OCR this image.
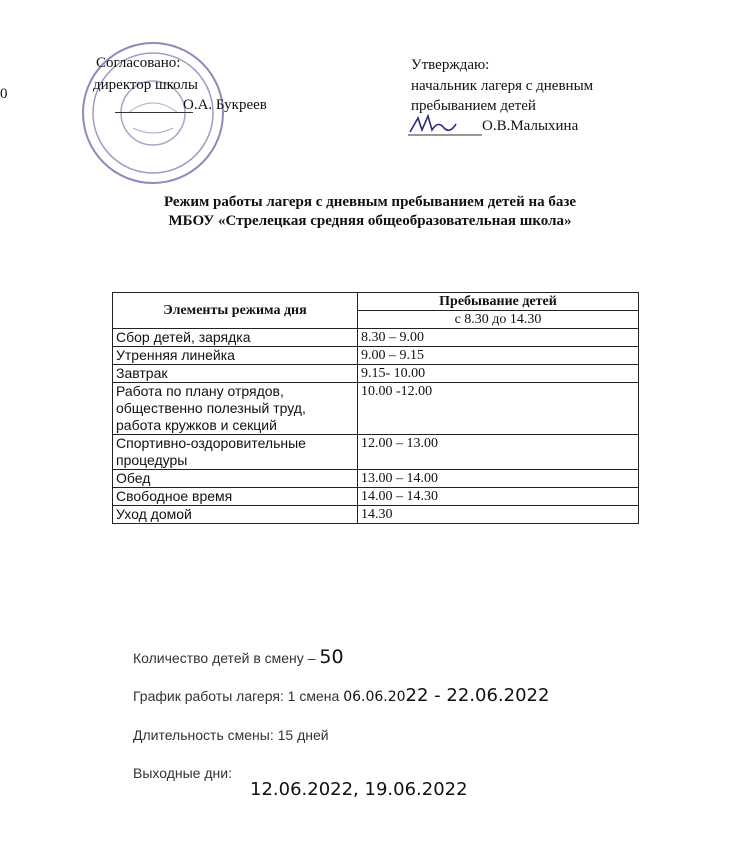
0
Согласовано:
директор школы
О.А. Букреев
Утверждаю:
начальник лагеря с дневным
пребыванием детей
О.В.Малыхина
Режим работы лагеря с дневным пребыванием детей на базе
МБОУ «Стрелецкая средняя общеобразовательная школа»
Элементы режима дня	Пребывание детей
	с 8.30 до 14.30
Сбор детей, зарядка	8.30 – 9.00
Утренняя линейка	9.00 – 9.15
Завтрак	9.15- 10.00
Работа по плану отрядов, общественно полезный труд, работа кружков и секций	10.00 -12.00
Спортивно-оздоровительные процедуры	12.00 – 13.00
Обед	13.00 – 14.00
Свободное время	14.00 – 14.30
Уход домой	14.30
Количество детей в смену – 50
График работы лагеря: 1 смена 06.06.2022 - 22.06.2022
Длительность смены: 15 дней
Выходные дни:
12.06.2022, 19.06.2022
